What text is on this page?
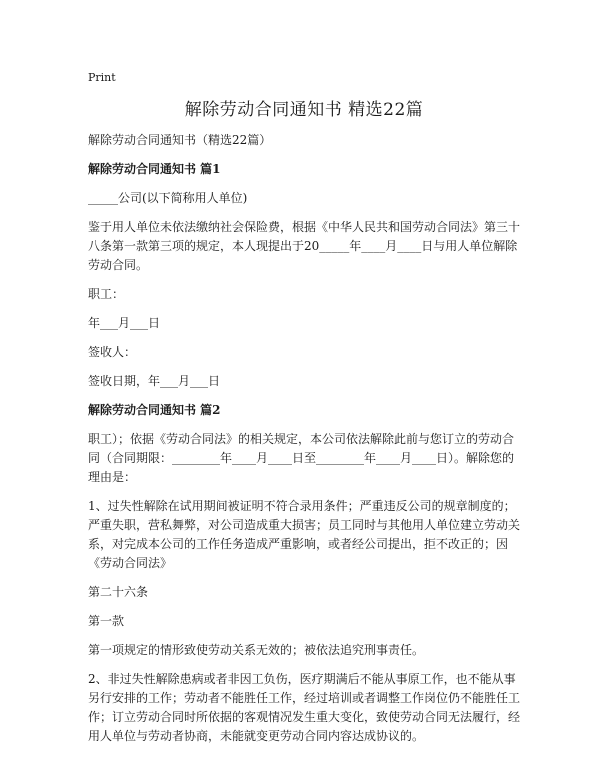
Print
解除劳动合同通知书 精选22篇

解除劳动合同通知书（精选22篇）

解除劳动合同通知书 篇1

_____公司(以下简称用人单位)

鉴于用人单位未依法缴纳社会保险费，根据《中华人民共和国劳动合同法》第三十八条第一款第三项的规定，本人现提出于20_____年____月____日与用人单位解除劳动合同。

职工：

年___月___日

签收人：

签收日期，年___月___日

解除劳动合同通知书 篇2

职工）；依据《劳动合同法》的相关规定，本公司依法解除此前与您订立的劳动合同（合同期限：________年____月____日至________年____月____日）。解除您的理由是：

1、过失性解除在试用期间被证明不符合录用条件；严重违反公司的规章制度的；严重失职，营私舞弊，对公司造成重大损害；员工同时与其他用人单位建立劳动关系，对完成本公司的工作任务造成严重影响，或者经公司提出，拒不改正的；因《劳动合同法》

第二十六条

第一款

第一项规定的情形致使劳动关系无效的；被依法追究刑事责任。

2、非过失性解除患病或者非因工负伤，医疗期满后不能从事原工作，也不能从事另行安排的工作；劳动者不能胜任工作，经过培训或者调整工作岗位仍不能胜任工作；订立劳动合同时所依据的客观情况发生重大变化，致使劳动合同无法履行，经用人单位与劳动者协商，未能就变更劳动合同内容达成协议的。
